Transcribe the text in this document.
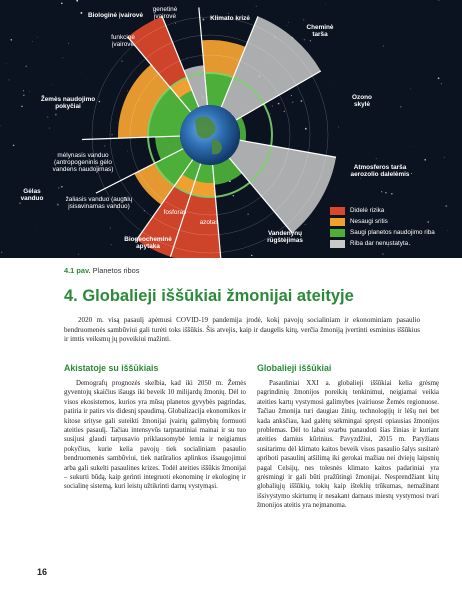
Biologinė įvairovė
genetinė įvairovė
funkcinė įvairovė
Klimato krizė
Cheminė tarša
Žemės naudojimo pokyčiai
Ozono skylė
mėlynasis vanduo (antropogeninis gėlo vandens naudojimas)
Gėlas vanduo	žaliasis vanduo (augalų įsisavinamas vanduo)
fosforas
azotas
Biogeocheminė apytaka
Vandenynų rūgštėjimas
Atmosferos tarša aerozolio dalelėmis
Didelė rizika
Nesaugi sritis
Saugi planetos naudojimo riba
Riba dar nenustatyta
4.1 pav. Planetos ribos
4. Globalieji iššūkiai žmonijai ateityje
2020 m. visą pasaulį apėmusi COVID-19 pandemija įrodė, kokį pavojų socialiniam ir ekonominiam pasaulio bendruomenės sambūviui gali turėti toks iššūkis. Šis atvejis, kaip ir daugelis kitų, verčia žmoniją įvertinti esminius iššūkius ir imtis veiksmų jų poveikiui mažinti.
Akistatoje su iššūkiais

Demografų prognozės skelbia, kad iki 2050 m. Žemės gyventojų skaičius išaugs iki beveik 10 milijardų žmonių. Dėl to visos ekosistemos, kurios yra mūsų planetos gyvybės pagrindas, patiria ir patirs vis didesnį spaudimą. Globalizacija ekonomikos ir kitose srityse gali suteikti žmonijai įvairių galimybių formuoti ateities pasaulį. Tačiau intensyvūs tarptautiniai mainai ir su tuo susijusi glaudi tarpusavio priklausomybė lemia ir neigiamus pokyčius, kurie kelia pavojų tiek socialiniam pasaulio bendruomenės sambūviui, tiek natūralios aplinkos išsaugojimui arba gali sukelti pasaulines krizes. Todėl ateities iššūkis žmonijai – sukurti būdą, kaip gerinti integruoti ekonominę ir ekologinę ir socialinę sistemą, kuri leistų užtikrinti darnų vystymąsi.

Globalieji iššūkiai

Pasauliniai XXI a. globalieji iššūkiai kelia grėsmę pagrindinių žmonijos poreikių tenkinimui, neigiamai veikia ateities kartų vystymosi galimybes įvairiuose Žemės regionuose. Tačiau žmonija turi daugiau žinių, technologijų ir lėšų nei bet kada anksčiau, kad galėtų sėkmingai spręsti opiausias žmonijos problemas. Dėl to labai svarbu panaudoti šias žinias ir kuriant ateities darnius kūrinius. Pavyzdžiui, 2015 m. Paryžiaus susitarimu dėl klimato kaitos beveik visos pasaulio šalys susitarė apriboti pasaulinį atšilimą iki gerokai mažiau nei dviejų laipsnių pagal Celsijų, nes tolesnės klimato kaitos padariniai yra grėsmingi ir gali būti pražūtingi žmonijai. Nesprendžiant kitų globaliųjų iššūkių, tokių kaip išteklių trūkumas, nemažinant išsivystymo skirtumų ir nesakant darnaus miestų vystymosi tvari žmonijos ateitis yra nejmanoma.

16
